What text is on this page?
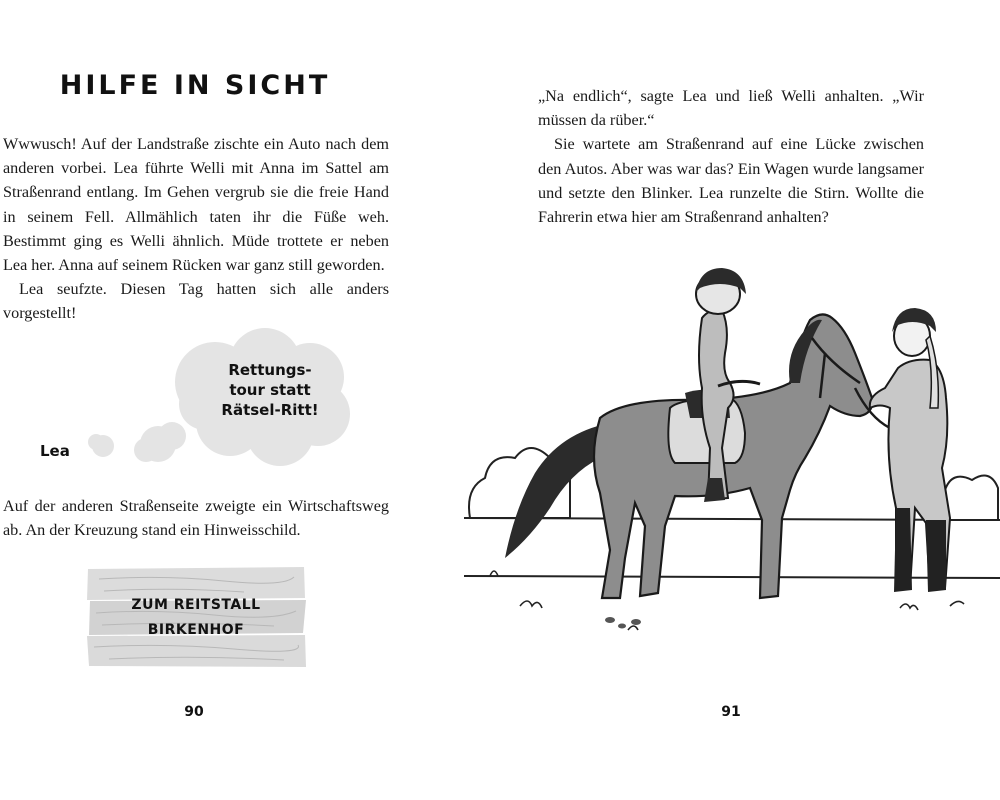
HILFE IN SICHT

Wwwusch! Auf der Landstraße zischte ein Auto nach dem anderen vorbei. Lea führte Welli mit Anna im Sattel am Straßenrand entlang. Im Gehen vergrub sie die freie Hand in seinem Fell. Allmählich taten ihr die Füße weh. Bestimmt ging es Welli ähnlich. Müde trottete er neben Lea her. Anna auf seinem Rücken war ganz still geworden.

Lea seufzte. Diesen Tag hatten sich alle anders vorgestellt!

Rettungs-
tour statt
Rätsel-Ritt!
Lea

Auf der anderen Straßenseite zweigte ein Wirtschaftsweg ab. An der Kreuzung stand ein Hinweisschild.

ZUM REITSTALL
BIRKENHOF
90

„Na endlich“, sagte Lea und ließ Welli anhalten. „Wir müssen da rüber.“

Sie wartete am Straßenrand auf eine Lücke zwischen den Autos. Aber was war das? Ein Wagen wurde langsamer und setzte den Blinker. Lea runzelte die Stirn. Wollte die Fahrerin etwa hier am Straßenrand anhalten?

91
